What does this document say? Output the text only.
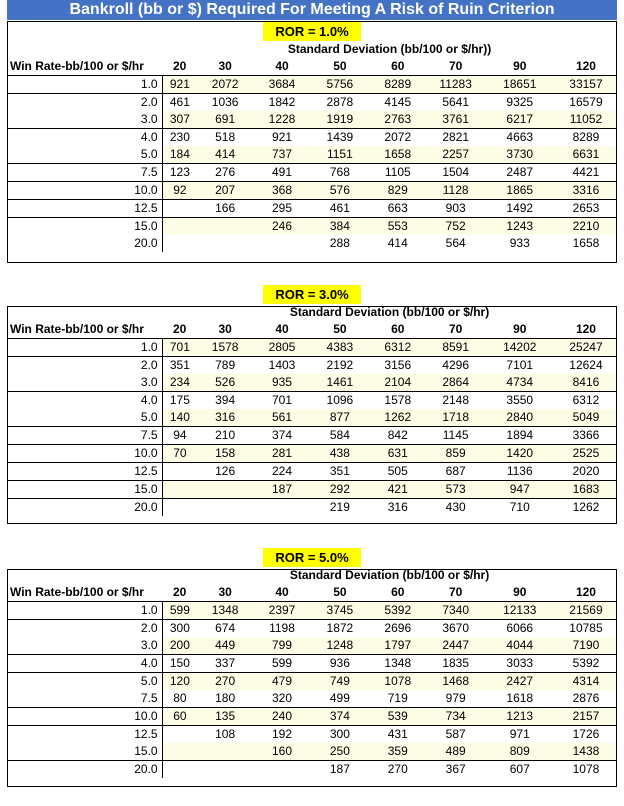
Bankroll (bb or $) Required For Meeting A Risk of Ruin Criterion
ROR = 1.0%
	Standard Deviation (bb/100 or $/hr))							
Win Rate-bb/100 or $/hr	20	30	40	50	60	70	90	120
1.0	921	2072	3684	5756	8289	11283	18651	33157
2.0	461	1036	1842	2878	4145	5641	9325	16579
3.0	307	691	1228	1919	2763	3761	6217	11052
4.0	230	518	921	1439	2072	2821	4663	8289
5.0	184	414	737	1151	1658	2257	3730	6631
7.5	123	276	491	768	1105	1504	2487	4421
10.0	92	207	368	576	829	1128	1865	3316
12.5		166	295	461	663	903	1492	2653
15.0			246	384	553	752	1243	2210
20.0				288	414	564	933	1658
ROR = 3.0%
	Standard Deviation (bb/100 or $/hr)							
Win Rate-bb/100 or $/hr	20	30	40	50	60	70	90	120
1.0	701	1578	2805	4383	6312	8591	14202	25247
2.0	351	789	1403	2192	3156	4296	7101	12624
3.0	234	526	935	1461	2104	2864	4734	8416
4.0	175	394	701	1096	1578	2148	3550	6312
5.0	140	316	561	877	1262	1718	2840	5049
7.5	94	210	374	584	842	1145	1894	3366
10.0	70	158	281	438	631	859	1420	2525
12.5		126	224	351	505	687	1136	2020
15.0			187	292	421	573	947	1683
20.0				219	316	430	710	1262
ROR = 5.0%
	Standard Deviation (bb/100 or $/hr)							
Win Rate-bb/100 or $/hr	20	30	40	50	60	70	90	120
1.0	599	1348	2397	3745	5392	7340	12133	21569
2.0	300	674	1198	1872	2696	3670	6066	10785
3.0	200	449	799	1248	1797	2447	4044	7190
4.0	150	337	599	936	1348	1835	3033	5392
5.0	120	270	479	749	1078	1468	2427	4314
7.5	80	180	320	499	719	979	1618	2876
10.0	60	135	240	374	539	734	1213	2157
12.5		108	192	300	431	587	971	1726
15.0			160	250	359	489	809	1438
20.0				187	270	367	607	1078
